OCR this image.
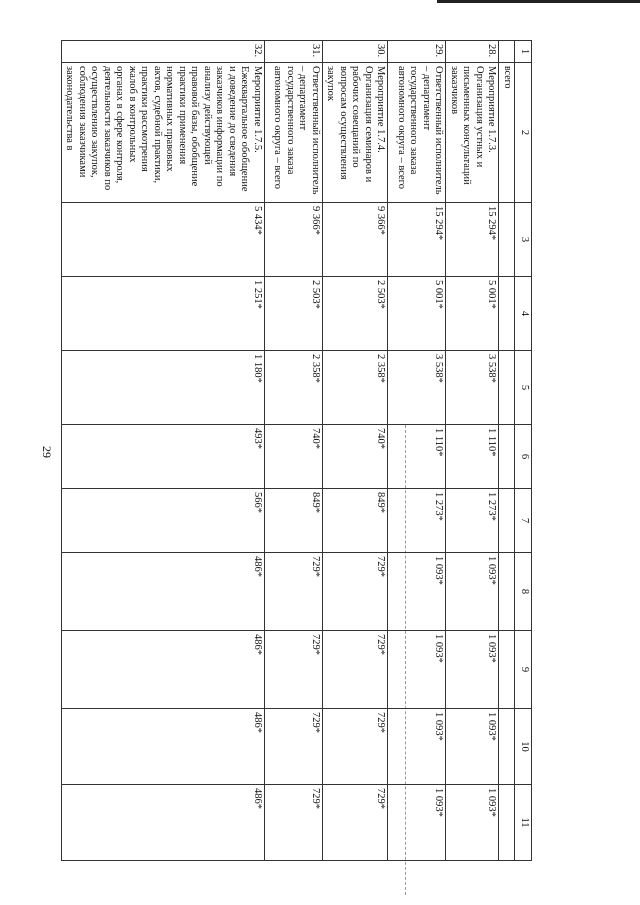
29
1	2	3	4	5	6	7	8	9	10	11
	всего									
28.	Мероприятие 1.7.3. Организация устных и письменных консультаций заказчиков	15 294*	5 001*	3 538*	1 110*	1 273*	1 093*	1 093*	1 093*	1 093*
29.	Ответственный исполнитель – департамент государственного заказа автономного округа – всего	15 294*	5 001*	3 538*	1 110*	1 273*	1 093*	1 093*	1 093*	1 093*
30.	Мероприятие 1.7.4. Организация семинаров и рабочих совещаний по вопросам осуществления закупок	9 366*	2 503*	2 358*	740*	849*	729*	729*	729*	729*
31.	Ответственный исполнитель – департамент государственного заказа автономного округа – всего	9 366*	2 503*	2 358*	740*	849*	729*	729*	729*	729*
32.	Мероприятие 1.7.5. Ежеквартальное обобщение и доведение до сведения заказчиков информации по анализу действующей правовой базы, обобщение практики применения нормативных правовых актов, судебной практики, практики рассмотрения жалоб в контрольных органах в сфере контроля, деятельности заказчиков по осуществлению закупок, соблюдения заказчиками законодательства в	5 434*	1 251*	1 180*	493*	566*	486*	486*	486*	486*
